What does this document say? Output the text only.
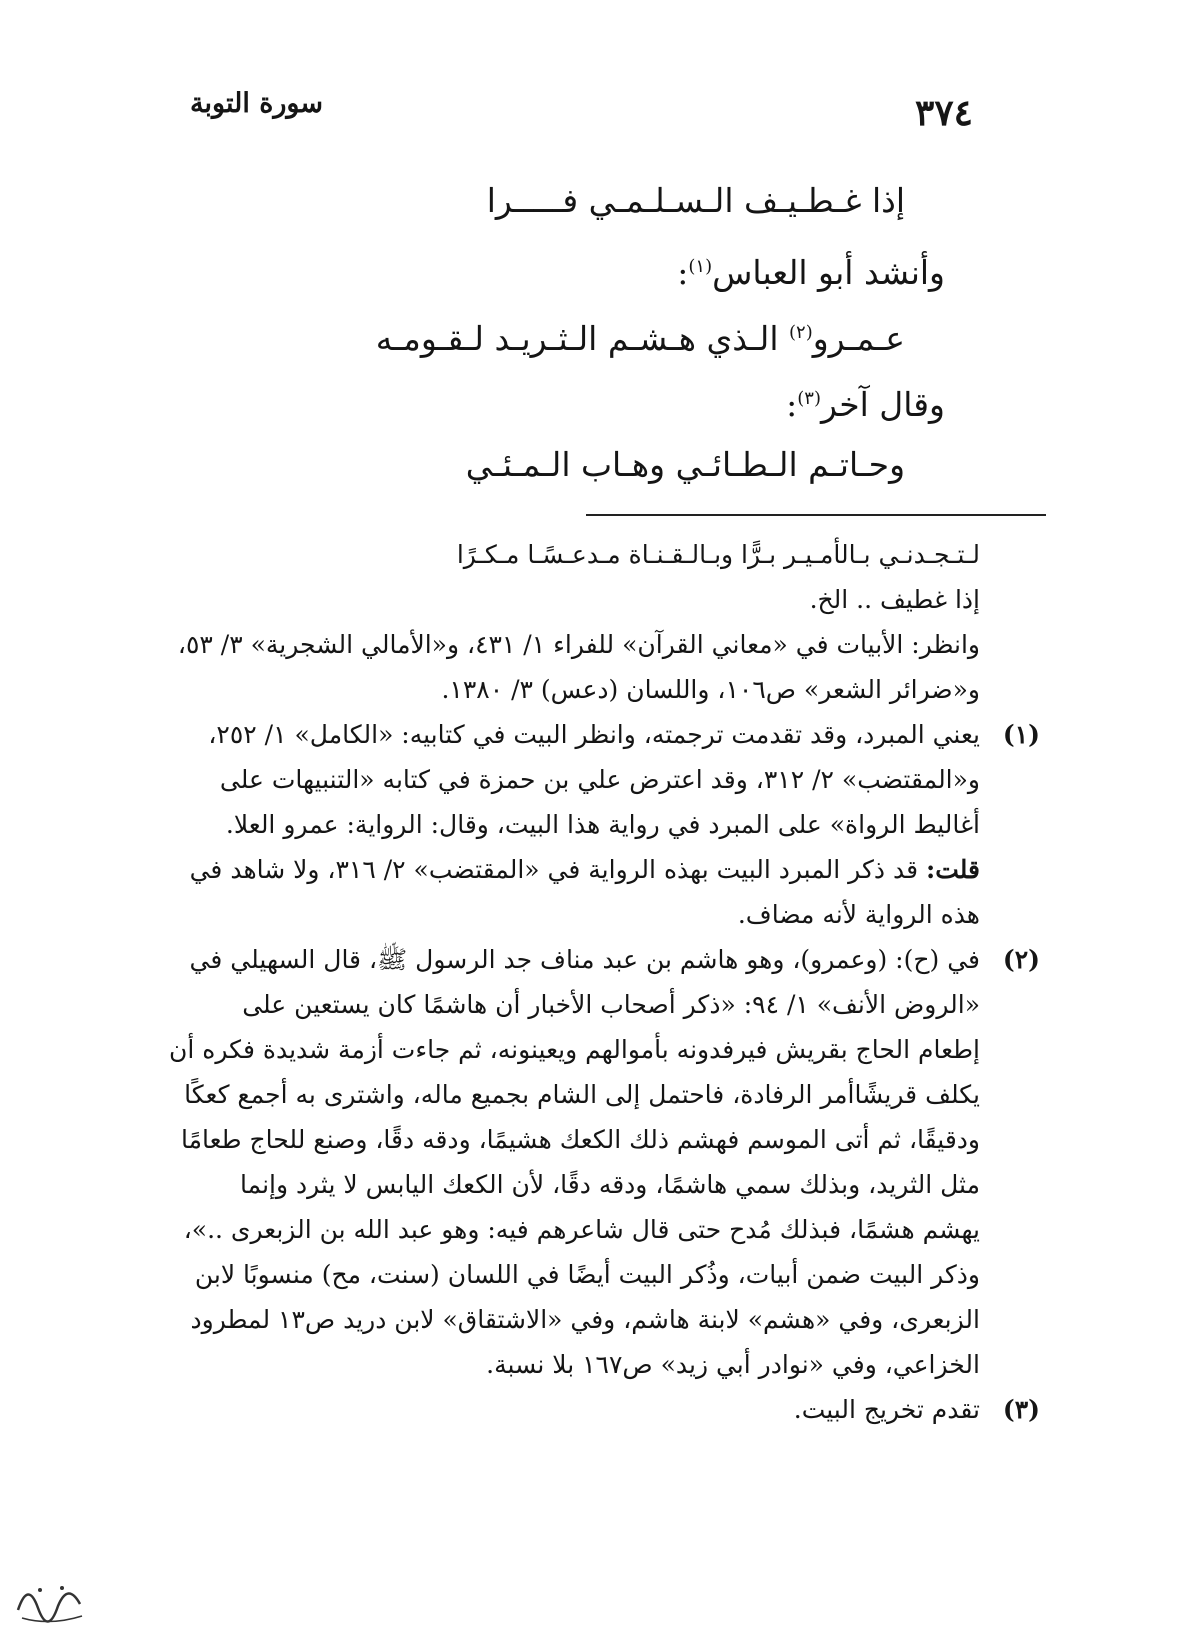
٣٧٤
سورة التوبة
إذا غـطـيـف الـسـلـمـي فـــــرا
وأنشد أبو العباس$^{(١)}$:
عـمـرو$^{(٢)}$ الـذي هـشـم الـثـريـد لـقـومـه
وقال آخر$^{(٣)}$:
وحـاتـم الـطـائـي وهـاب الـمـئـي
لـتـجـدنـي بـالأمـيـر بـرًّا وبـالـقـنـاة مـدعـسًـا مـكـرًا
إذا غطيف .. الخ.
وانظر: الأبيات في «معاني القرآن» للفراء ١/ ٤٣١، و«الأمالي الشجرية» ٣/ ٥٣،
و«ضرائر الشعر» ص١٠٦، واللسان (دعس) ٣/ ١٣٨٠.
(١)يعني المبرد، وقد تقدمت ترجمته، وانظر البيت في كتابيه: «الكامل» ١/ ٢٥٢،
و«المقتضب» ٢/ ٣١٢، وقد اعترض علي بن حمزة في كتابه «التنبيهات على
أغاليط الرواة» على المبرد في رواية هذا البيت، وقال: الرواية: عمرو العلا.
قلت: قد ذكر المبرد البيت بهذه الرواية في «المقتضب» ٢/ ٣١٦، ولا شاهد في
هذه الرواية لأنه مضاف.
(٢)في (ح): (وعمرو)، وهو هاشم بن عبد مناف جد الرسول ﷺ، قال السهيلي في
«الروض الأنف» ١/ ٩٤: «ذكر أصحاب الأخبار أن هاشمًا كان يستعين على
إطعام الحاج بقريش فيرفدونه بأموالهم ويعينونه، ثم جاءت أزمة شديدة فكره أن
يكلف قريشًاأمر الرفادة، فاحتمل إلى الشام بجميع ماله، واشترى به أجمع كعكًا
ودقيقًا، ثم أتى الموسم فهشم ذلك الكعك هشيمًا، ودقه دقًا، وصنع للحاج طعامًا
مثل الثريد، وبذلك سمي هاشمًا، ودقه دقًا، لأن الكعك اليابس لا يثرد وإنما
يهشم هشمًا، فبذلك مُدح حتى قال شاعرهم فيه: وهو عبد الله بن الزبعرى ..»،
وذكر البيت ضمن أبيات، وذُكر البيت أيضًا في اللسان (سنت، مح) منسوبًا لابن
الزبعرى، وفي «هشم» لابنة هاشم، وفي «الاشتقاق» لابن دريد ص١٣ لمطرود
الخزاعي، وفي «نوادر أبي زيد» ص١٦٧ بلا نسبة.
(٣)تقدم تخريج البيت.
